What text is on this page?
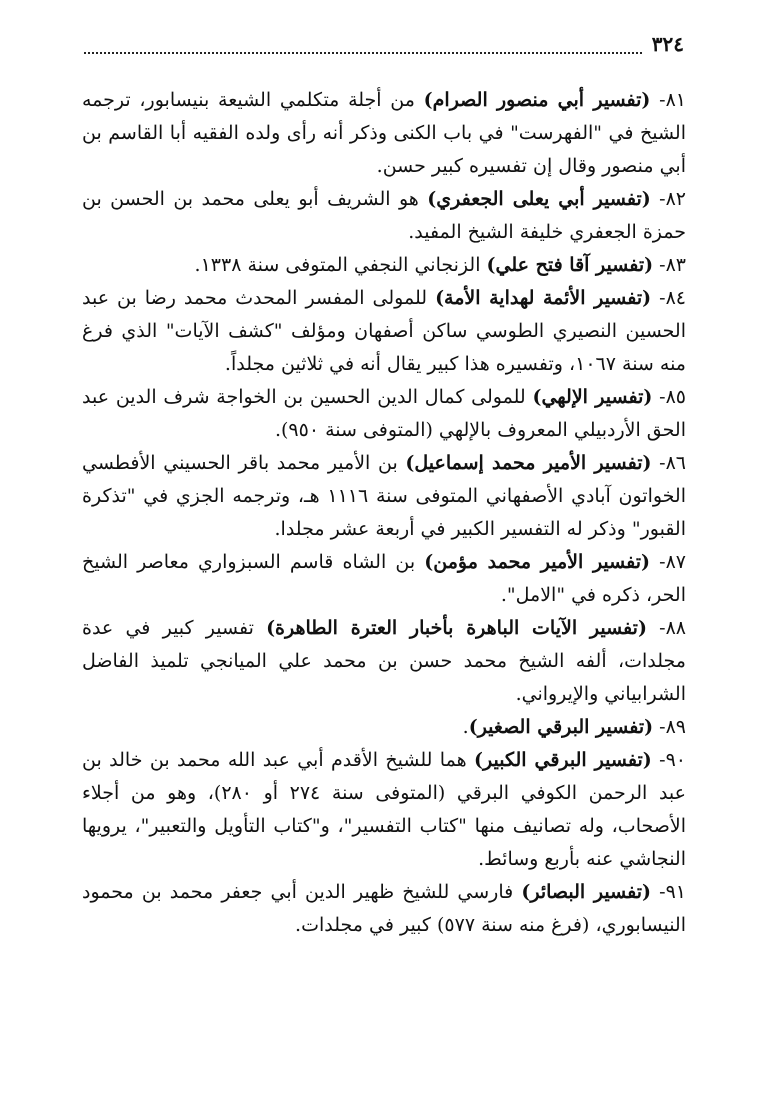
٣٢٤

٨١- (تفسير أبي منصور الصرام) من أجلة متكلمي الشيعة بنيسابور، ترجمه الشيخ في "الفهرست" في باب الكنى وذكر أنه رأى ولده الفقيه أبا القاسم بن أبي منصور وقال إن تفسيره كبير حسن.

٨٢- (تفسير أبي يعلى الجعفري) هو الشريف أبو يعلى محمد بن الحسن بن حمزة الجعفري خليفة الشيخ المفيد.

٨٣- (تفسير آقا فتح علي) الزنجاني النجفي المتوفى سنة ١٣٣٨.

٨٤- (تفسير الأئمة لهداية الأمة) للمولى المفسر المحدث محمد رضا بن عبد الحسين النصيري الطوسي ساكن أصفهان ومؤلف "كشف الآيات" الذي فرغ منه سنة ١٠٦٧، وتفسيره هذا كبير يقال أنه في ثلاثين مجلداً.

٨٥- (تفسير الإلهي) للمولى كمال الدين الحسين بن الخواجة شرف الدين عبد الحق الأردبيلي المعروف بالإلهي (المتوفى سنة ٩٥٠).

٨٦- (تفسير الأمير محمد إسماعيل) بن الأمير محمد باقر الحسيني الأفطسي الخواتون آبادي الأصفهاني المتوفى سنة ١١١٦ هـ، وترجمه الجزي في "تذكرة القبور" وذكر له التفسير الكبير في أربعة عشر مجلدا.

٨٧- (تفسير الأمير محمد مؤمن) بن الشاه قاسم السبزواري معاصر الشيخ الحر، ذكره في "الامل".

٨٨- (تفسير الآيات الباهرة بأخبار العترة الطاهرة) تفسير كبير في عدة مجلدات، ألفه الشيخ محمد حسن بن محمد علي الميانجي تلميذ الفاضل الشرابياني والإيرواني.

٨٩- (تفسير البرقي الصغير).

٩٠- (تفسير البرقي الكبير) هما للشيخ الأقدم أبي عبد الله محمد بن خالد بن عبد الرحمن الكوفي البرقي (المتوفى سنة ٢٧٤ أو ٢٨٠)، وهو من أجلاء الأصحاب، وله تصانيف منها "كتاب التفسير"، و"كتاب التأويل والتعبير"، يرويها النجاشي عنه بأربع وسائط.

٩١- (تفسير البصائر) فارسي للشيخ ظهير الدين أبي جعفر محمد بن محمود النيسابوري، (فرغ منه سنة ٥٧٧) كبير في مجلدات.
